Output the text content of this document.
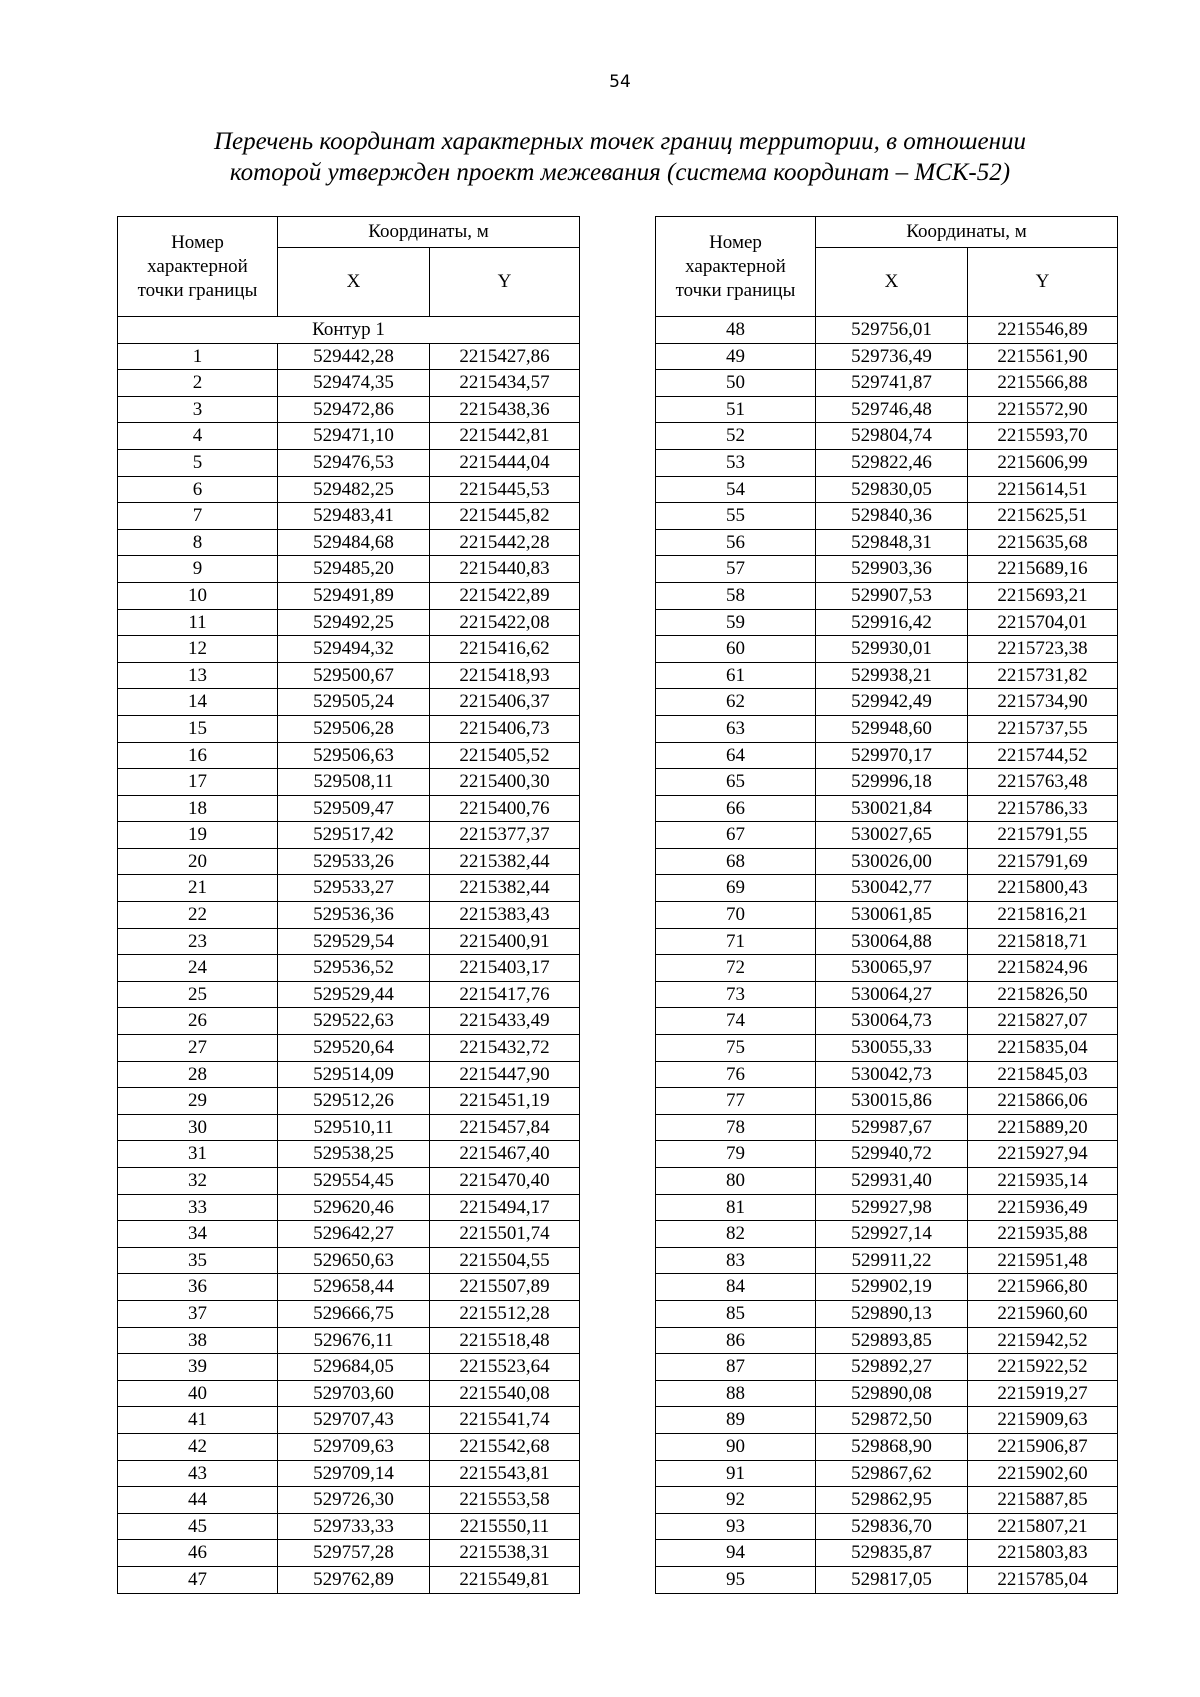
54
Перечень координат характерных точек границ территории, в отношении
которой утвержден проект межевания (система координат – МСК-52)
Номер характерной точки границы	Координаты, м	
	X	Y
Контур 1		
1	529442,28	2215427,86
2	529474,35	2215434,57
3	529472,86	2215438,36
4	529471,10	2215442,81
5	529476,53	2215444,04
6	529482,25	2215445,53
7	529483,41	2215445,82
8	529484,68	2215442,28
9	529485,20	2215440,83
10	529491,89	2215422,89
11	529492,25	2215422,08
12	529494,32	2215416,62
13	529500,67	2215418,93
14	529505,24	2215406,37
15	529506,28	2215406,73
16	529506,63	2215405,52
17	529508,11	2215400,30
18	529509,47	2215400,76
19	529517,42	2215377,37
20	529533,26	2215382,44
21	529533,27	2215382,44
22	529536,36	2215383,43
23	529529,54	2215400,91
24	529536,52	2215403,17
25	529529,44	2215417,76
26	529522,63	2215433,49
27	529520,64	2215432,72
28	529514,09	2215447,90
29	529512,26	2215451,19
30	529510,11	2215457,84
31	529538,25	2215467,40
32	529554,45	2215470,40
33	529620,46	2215494,17
34	529642,27	2215501,74
35	529650,63	2215504,55
36	529658,44	2215507,89
37	529666,75	2215512,28
38	529676,11	2215518,48
39	529684,05	2215523,64
40	529703,60	2215540,08
41	529707,43	2215541,74
42	529709,63	2215542,68
43	529709,14	2215543,81
44	529726,30	2215553,58
45	529733,33	2215550,11
46	529757,28	2215538,31
47	529762,89	2215549,81
Номер характерной точки границы	Координаты, м	
	X	Y
48	529756,01	2215546,89
49	529736,49	2215561,90
50	529741,87	2215566,88
51	529746,48	2215572,90
52	529804,74	2215593,70
53	529822,46	2215606,99
54	529830,05	2215614,51
55	529840,36	2215625,51
56	529848,31	2215635,68
57	529903,36	2215689,16
58	529907,53	2215693,21
59	529916,42	2215704,01
60	529930,01	2215723,38
61	529938,21	2215731,82
62	529942,49	2215734,90
63	529948,60	2215737,55
64	529970,17	2215744,52
65	529996,18	2215763,48
66	530021,84	2215786,33
67	530027,65	2215791,55
68	530026,00	2215791,69
69	530042,77	2215800,43
70	530061,85	2215816,21
71	530064,88	2215818,71
72	530065,97	2215824,96
73	530064,27	2215826,50
74	530064,73	2215827,07
75	530055,33	2215835,04
76	530042,73	2215845,03
77	530015,86	2215866,06
78	529987,67	2215889,20
79	529940,72	2215927,94
80	529931,40	2215935,14
81	529927,98	2215936,49
82	529927,14	2215935,88
83	529911,22	2215951,48
84	529902,19	2215966,80
85	529890,13	2215960,60
86	529893,85	2215942,52
87	529892,27	2215922,52
88	529890,08	2215919,27
89	529872,50	2215909,63
90	529868,90	2215906,87
91	529867,62	2215902,60
92	529862,95	2215887,85
93	529836,70	2215807,21
94	529835,87	2215803,83
95	529817,05	2215785,04
